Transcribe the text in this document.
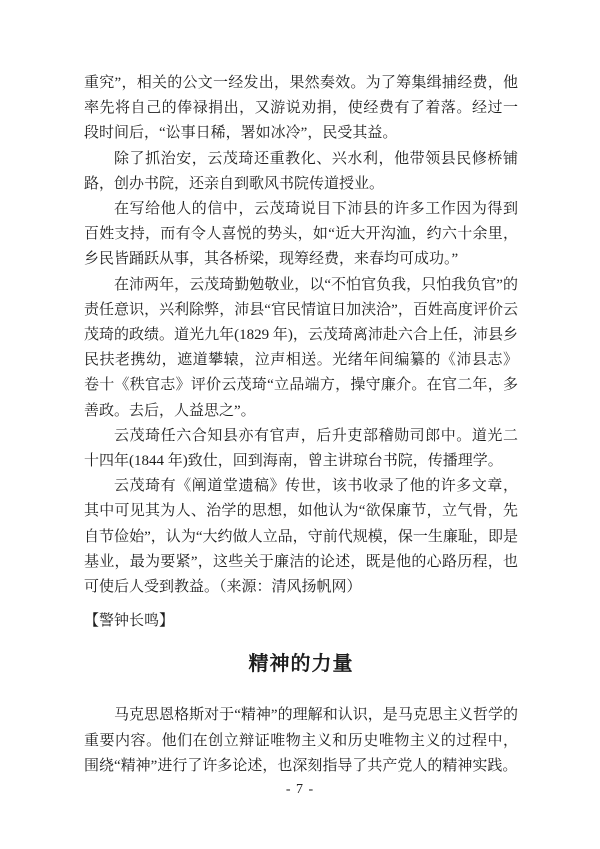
重究”，相关的公文一经发出，果然奏效。为了筹集缉捕经费，他率先将自己的俸禄捐出，又游说劝捐，使经费有了着落。经过一段时间后，“讼事日稀，署如冰冷”，民受其益。

除了抓治安，云茂琦还重教化、兴水利，他带领县民修桥铺路，创办书院，还亲自到歌风书院传道授业。

在写给他人的信中，云茂琦说目下沛县的许多工作因为得到百姓支持，而有令人喜悦的势头，如“近大开沟洫，约六十余里，乡民皆踊跃从事，其各桥梁，现筹经费，来春均可成功。”

在沛两年，云茂琦勤勉敬业，以“不怕官负我，只怕我负官”的责任意识，兴利除弊，沛县“官民情谊日加浃洽”，百姓高度评价云茂琦的政绩。道光九年(1829 年)，云茂琦离沛赴六合上任，沛县乡民扶老携幼，遮道攀辕，泣声相送。光绪年间编纂的《沛县志》卷十《秩官志》评价云茂琦“立品端方，操守廉介。在官二年，多善政。去后，人益思之”。

云茂琦任六合知县亦有官声，后升吏部稽勋司郎中。道光二十四年(1844 年)致仕，回到海南，曾主讲琼台书院，传播理学。

云茂琦有《阐道堂遗稿》传世，该书收录了他的许多文章，其中可见其为人、治学的思想，如他认为“欲保廉节，立气骨，先自节俭始”，认为“大约做人立品，守前代规模，保一生廉耻，即是基业，最为要紧”，这些关于廉洁的论述，既是他的心路历程，也可使后人受到教益。（来源：清风扬帆网）

【警钟长鸣】

精神的力量

马克思恩格斯对于“精神”的理解和认识，是马克思主义哲学的重要内容。他们在创立辩证唯物主义和历史唯物主义的过程中，围绕“精神”进行了许多论述，也深刻指导了共产党人的精神实践。

- 7 -
